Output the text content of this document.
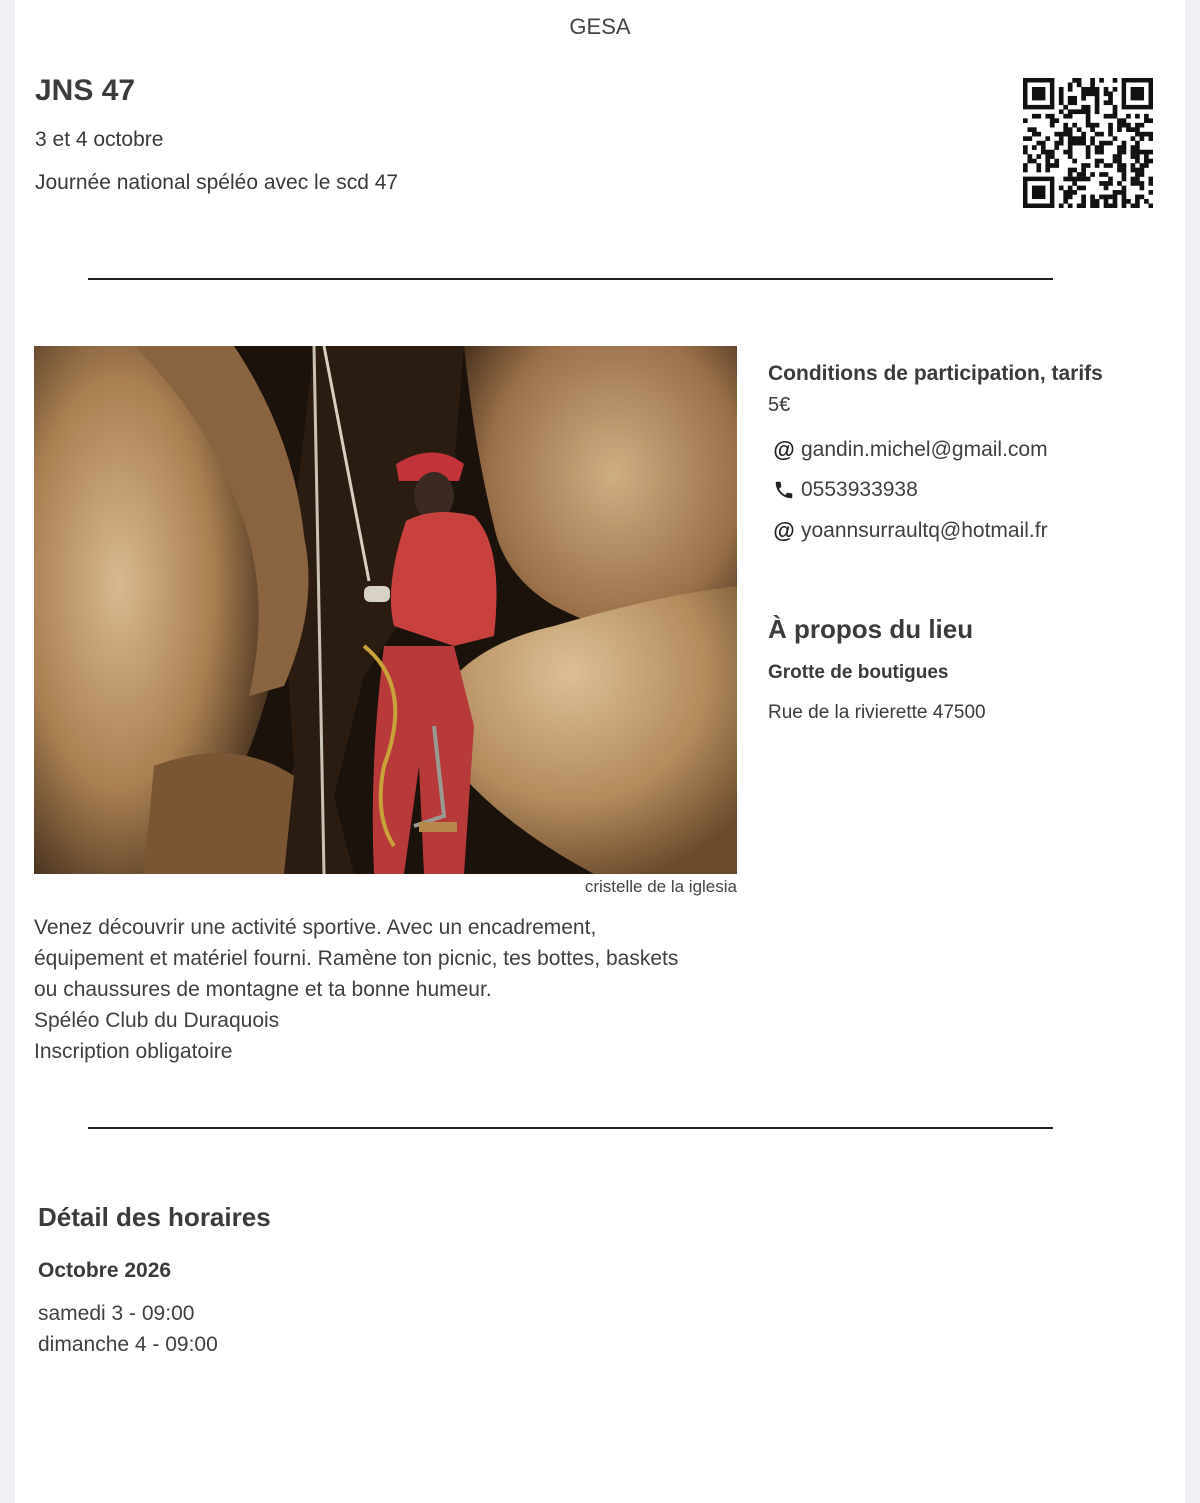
GESA
JNS 47
3 et 4 octobre
Journée national spéléo avec le scd 47
cristelle de la iglesia
Venez découvrir une activité sportive. Avec un encadrement,
équipement et matériel fourni. Ramène ton picnic, tes bottes, baskets
ou chaussures de montagne et ta bonne humeur.
Spéléo Club du Duraquois
Inscription obligatoire
Conditions de participation, tarifs
5€
@ gandin.michel@gmail.com
0553933938
@ yoannsurraultq@hotmail.fr
À propos du lieu
Grotte de boutigues
Rue de la rivierette 47500
Détail des horaires
Octobre 2026
samedi 3 - 09:00
dimanche 4 - 09:00
